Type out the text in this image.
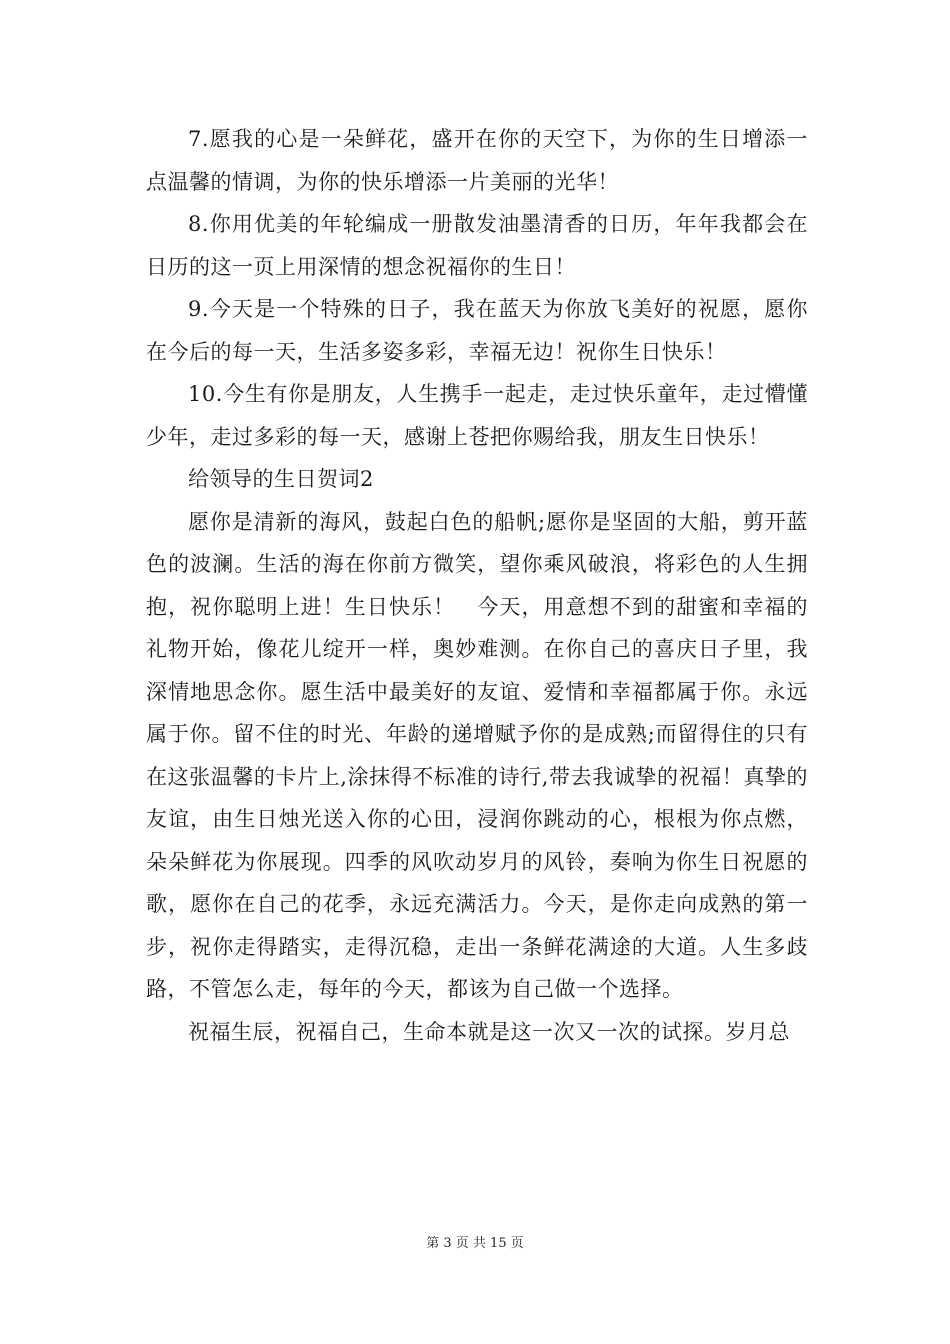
7.愿我的心是一朵鲜花，盛开在你的天空下，为你的生日增添一点温馨的情调，为你的快乐增添一片美丽的光华！

8.你用优美的年轮编成一册散发油墨清香的日历，年年我都会在日历的这一页上用深情的想念祝福你的生日！

9.今天是一个特殊的日子，我在蓝天为你放飞美好的祝愿，愿你在今后的每一天，生活多姿多彩，幸福无边！祝你生日快乐！

10.今生有你是朋友，人生携手一起走，走过快乐童年，走过懵懂少年，走过多彩的每一天，感谢上苍把你赐给我，朋友生日快乐！

给领导的生日贺词2

愿你是清新的海风，鼓起白色的船帆;愿你是坚固的大船，剪开蓝色的波澜。生活的海在你前方微笑，望你乘风破浪，将彩色的人生拥抱，祝你聪明上进！生日快乐！　今天，用意想不到的甜蜜和幸福的礼物开始，像花儿绽开一样，奥妙难测。在你自己的喜庆日子里，我深情地思念你。愿生活中最美好的友谊、爱情和幸福都属于你。永远属于你。留不住的时光、年龄的递增赋予你的是成熟;而留得住的只有在这张温馨的卡片上,涂抹得不标准的诗行,带去我诚挚的祝福！真挚的友谊，由生日烛光送入你的心田，浸润你跳动的心，根根为你点燃，朵朵鲜花为你展现。四季的风吹动岁月的风铃，奏响为你生日祝愿的歌，愿你在自己的花季，永远充满活力。今天，是你走向成熟的第一步，祝你走得踏实，走得沉稳，走出一条鲜花满途的大道。人生多歧路，不管怎么走，每年的今天，都该为自己做一个选择。

祝福生辰，祝福自己，生命本就是这一次又一次的试探。岁月总

第 3 页 共 15 页
